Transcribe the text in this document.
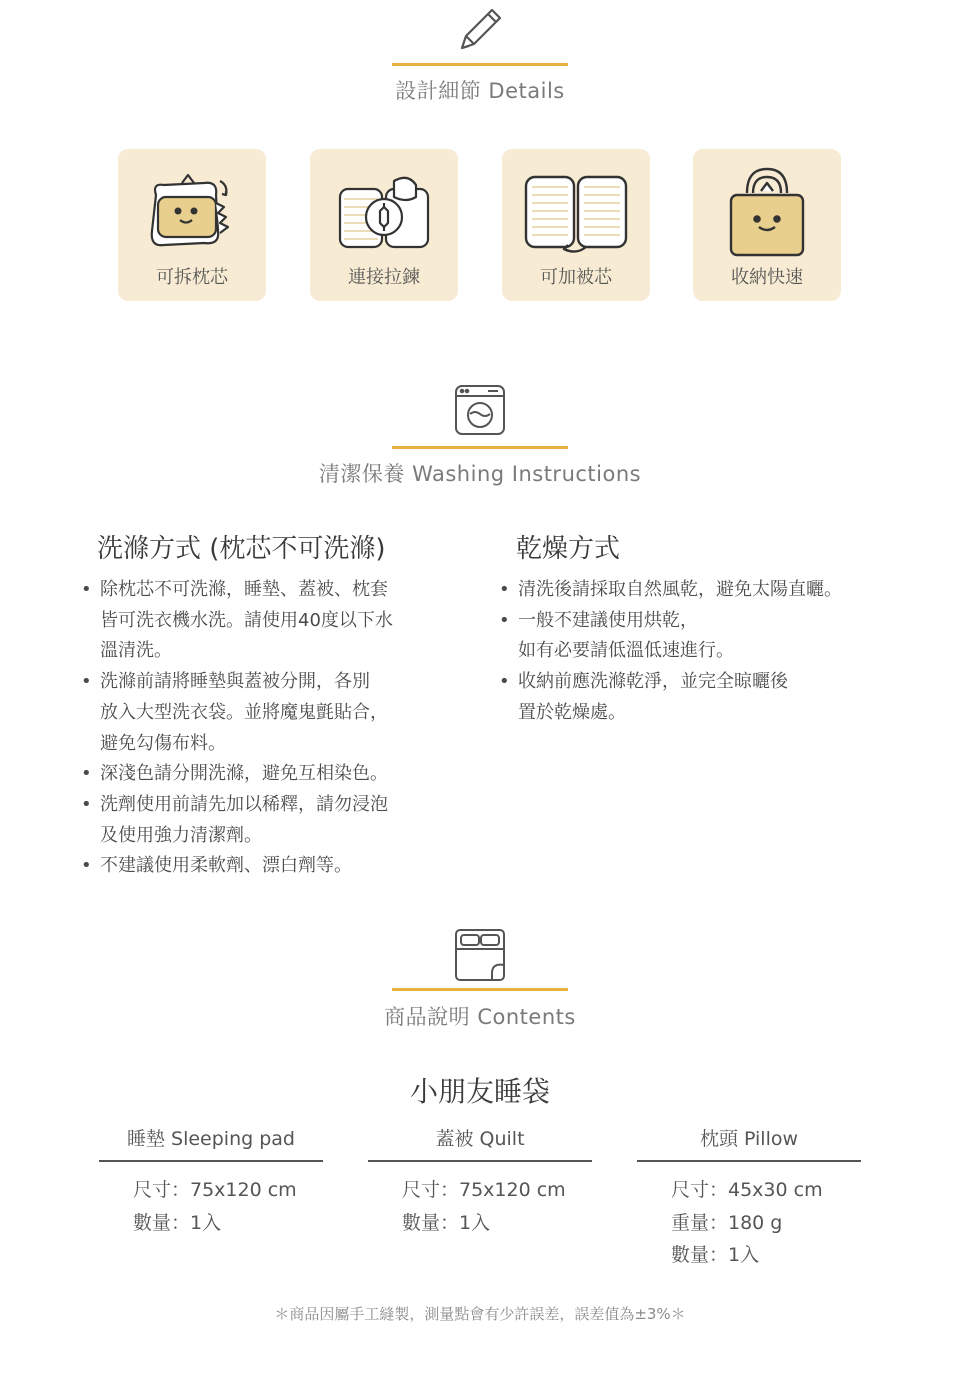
設計細節 Details
可拆枕芯	連接拉鍊	可加被芯	收納快速
清潔保養 Washing Instructions
洗滌方式 (枕芯不可洗滌)
• 除枕芯不可洗滌，睡墊、蓋被、枕套
皆可洗衣機水洗。請使用40度以下水
溫清洗。
• 洗滌前請將睡墊與蓋被分開，各別
放入大型洗衣袋。並將魔鬼氈貼合，
避免勾傷布料。
• 深淺色請分開洗滌，避免互相染色。
• 洗劑使用前請先加以稀釋，請勿浸泡
及使用強力清潔劑。
• 不建議使用柔軟劑、漂白劑等。
乾燥方式
• 清洗後請採取自然風乾，避免太陽直曬。
• 一般不建議使用烘乾，
如有必要請低溫低速進行。
• 收納前應洗滌乾淨，並完全晾曬後
置於乾燥處。
商品說明 Contents
小朋友睡袋
睡墊 Sleeping pad
尺寸：75x120 cm
數量：1入
蓋被 Quilt
尺寸：75x120 cm
數量：1入
枕頭 Pillow
尺寸：45x30 cm
重量：180 g
數量：1入
＊商品因屬手工縫製，測量點會有少許誤差，誤差值為±3%＊
